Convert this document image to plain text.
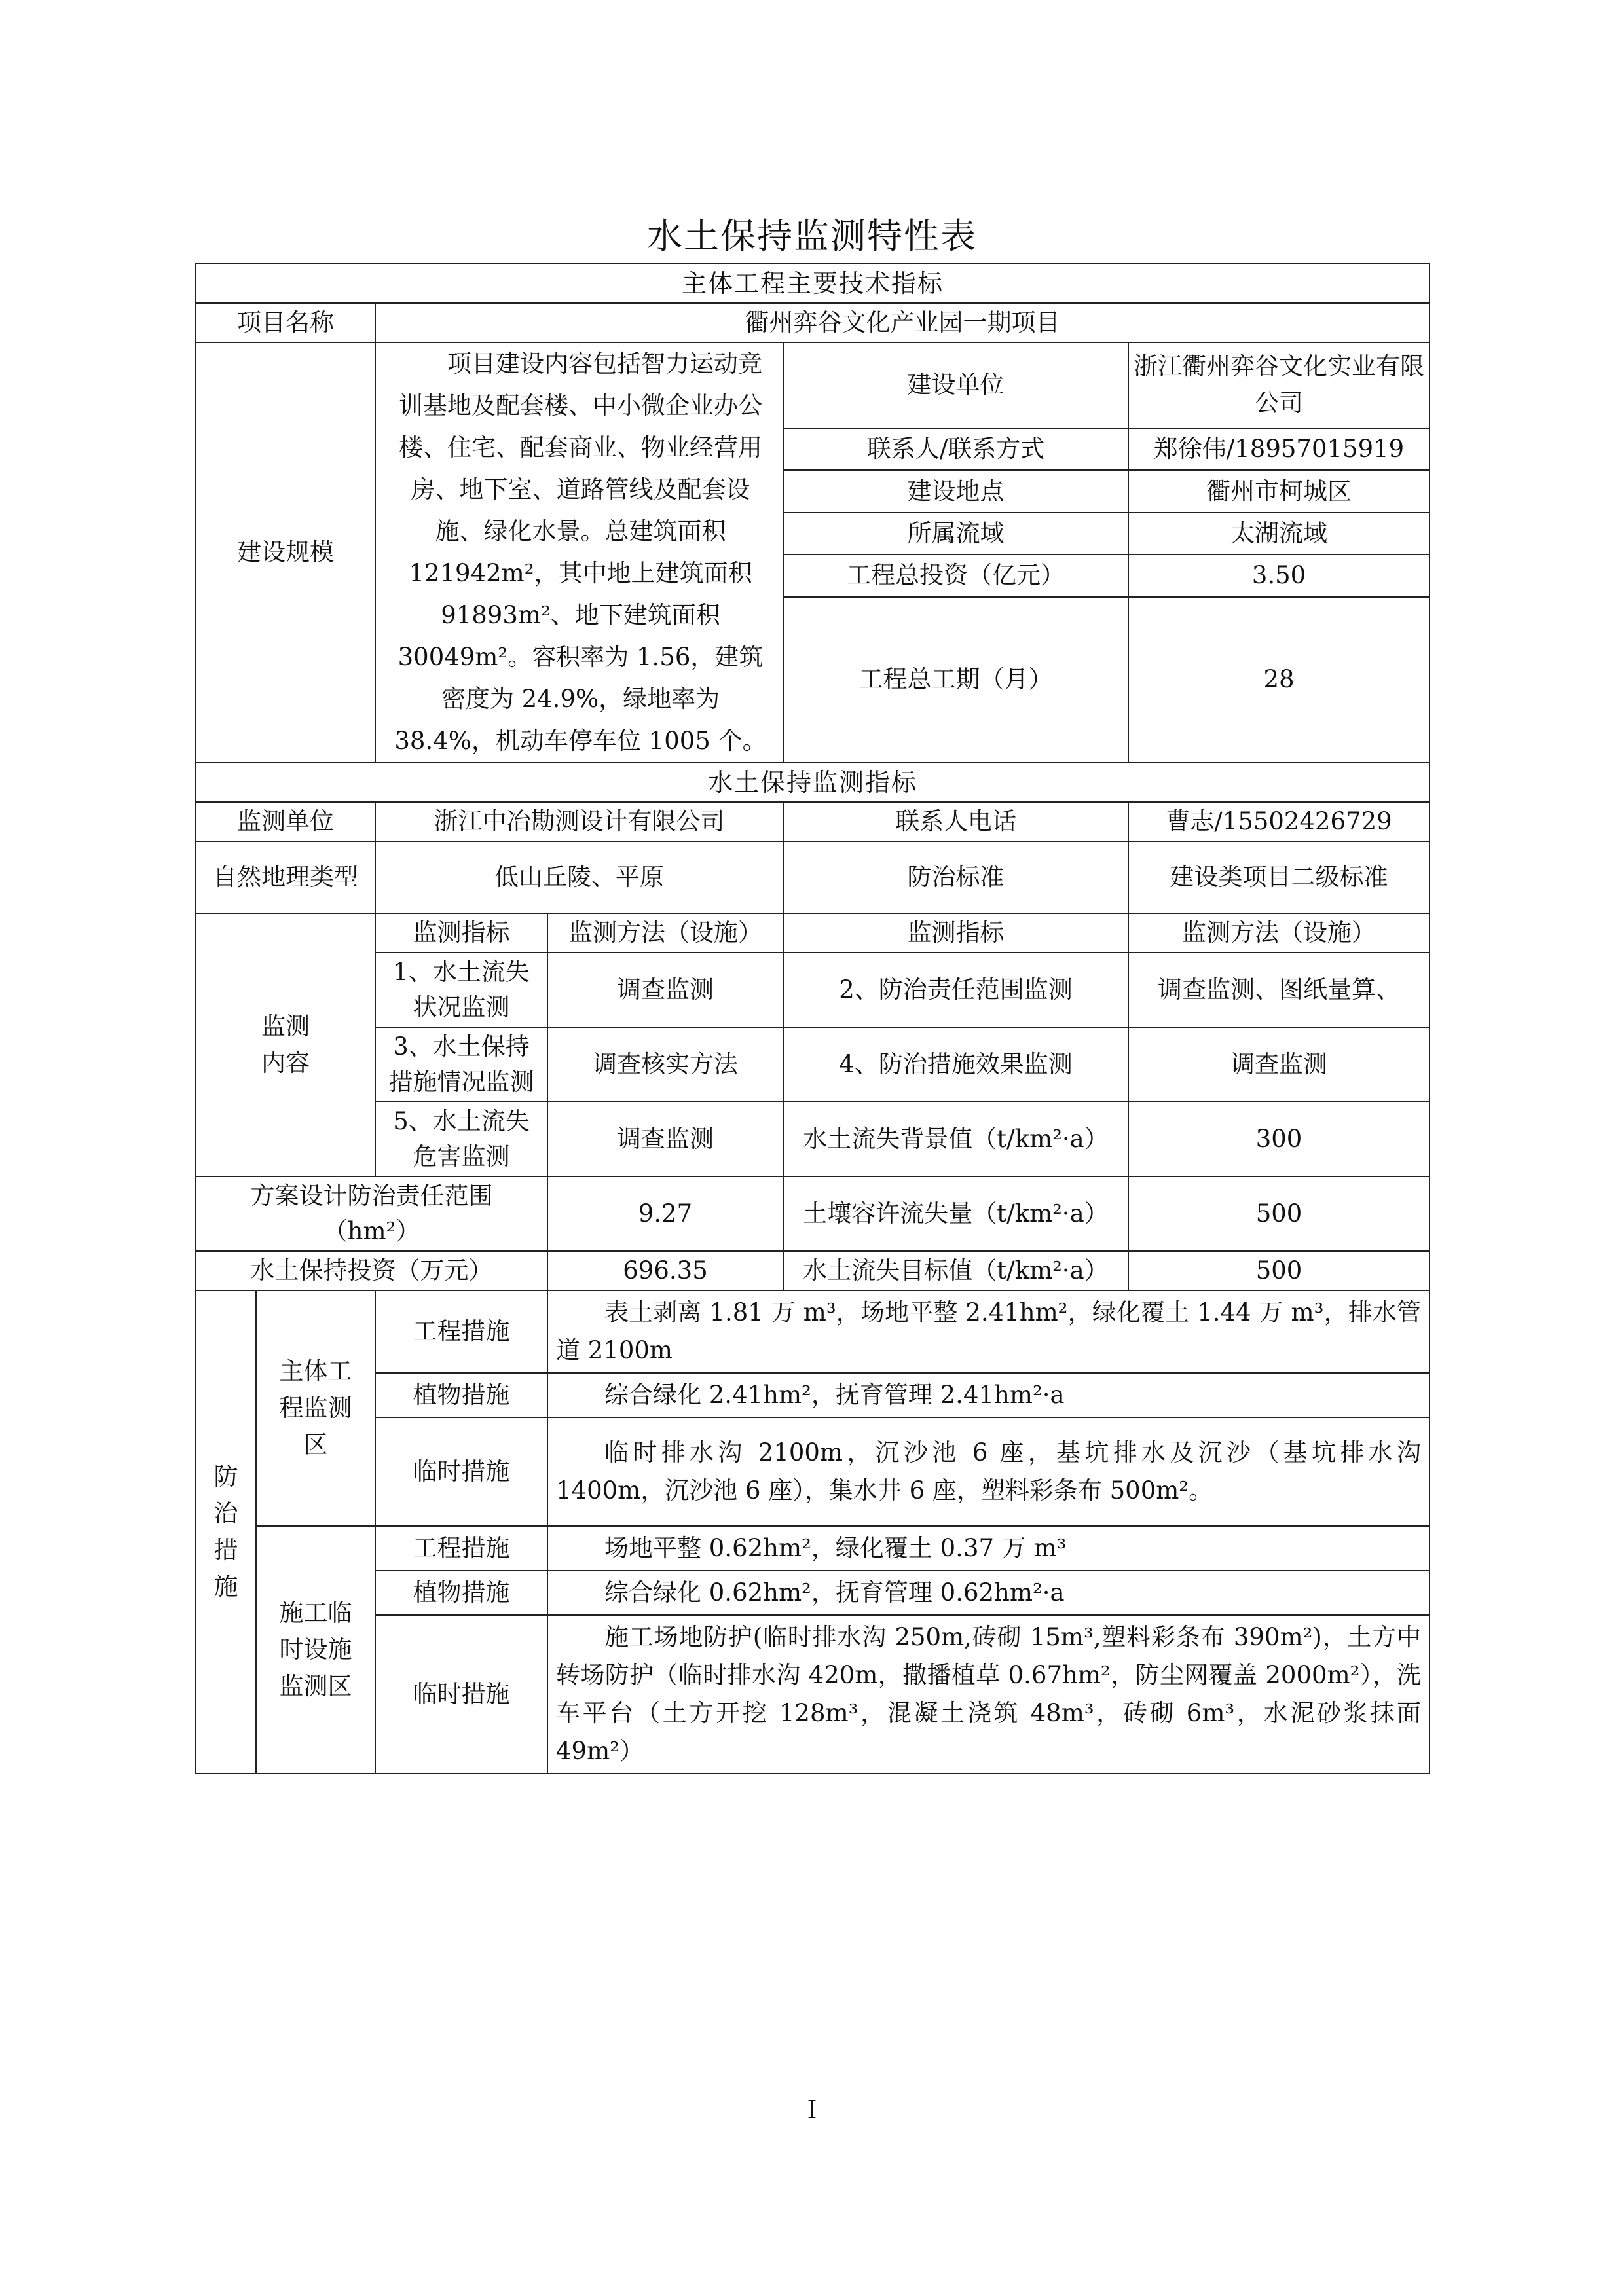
水土保持监测特性表
主体工程主要技术指标					
项目名称		衢州弈谷文化产业园一期项目			
建设规模		项目建设内容包括智力运动竞训基地及配套楼、中小微企业办公楼、住宅、配套商业、物业经营用房、地下室、道路管线及配套设施、绿化水景。总建筑面积 121942m²，其中地上建筑面积 91893m²、地下建筑面积 30049m²。容积率为 1.56，建筑密度为 24.9%，绿地率为 38.4%，机动车停车位 1005 个。		建设单位	浙江衢州弈谷文化实业有限公司
				联系人/联系方式	郑徐伟/18957015919
				建设地点	衢州市柯城区
				所属流域	太湖流域
				工程总投资（亿元）	3.50
				工程总工期（月）	28
水土保持监测指标					
监测单位		浙江中冶勘测设计有限公司		联系人电话	曹志/15502426729
自然地理类型		低山丘陵、平原		防治标准	建设类项目二级标准

监测
内容		监测指标	监测方法（设施）	监测指标	监测方法（设施）
		1、水土流失状况监测	调查监测	2、防治责任范围监测	调查监测、图纸量算、
		3、水土保持措施情况监测	调查核实方法	4、防治措施效果监测	调查监测
		5、水土流失危害监测	调查监测	水土流失背景值（t/km²·a）	300
方案设计防治责任范围（hm²）			9.27	土壤容许流失量（t/km²·a）	500
水土保持投资（万元）			696.35	水土流失目标值（t/km²·a）	500

防
治
措
施	主体工程监测区	工程措施	表土剥离 1.81 万 m³，场地平整 2.41hm²，绿化覆土 1.44 万 m³，排水管道 2100m		

		植物措施	综合绿化 2.41hm²，抚育管理 2.41hm²·a		

		临时措施	临时排水沟 2100m，沉沙池 6 座，基坑排水及沉沙（基坑排水沟 1400m，沉沙池 6 座），集水井 6 座，塑料彩条布 500m²。		

	施工临时设施监测区	工程措施	场地平整 0.62hm²，绿化覆土 0.37 万 m³		

		植物措施	综合绿化 0.62hm²，抚育管理 0.62hm²·a		

		临时措施	施工场地防护(临时排水沟 250m,砖砌 15m³,塑料彩条布 390m²)，土方中转场防护（临时排水沟 420m，撒播植草 0.67hm²，防尘网覆盖 2000m²），洗车平台（土方开挖 128m³，混凝土浇筑 48m³，砖砌 6m³，水泥砂浆抹面 49m²）		
I
